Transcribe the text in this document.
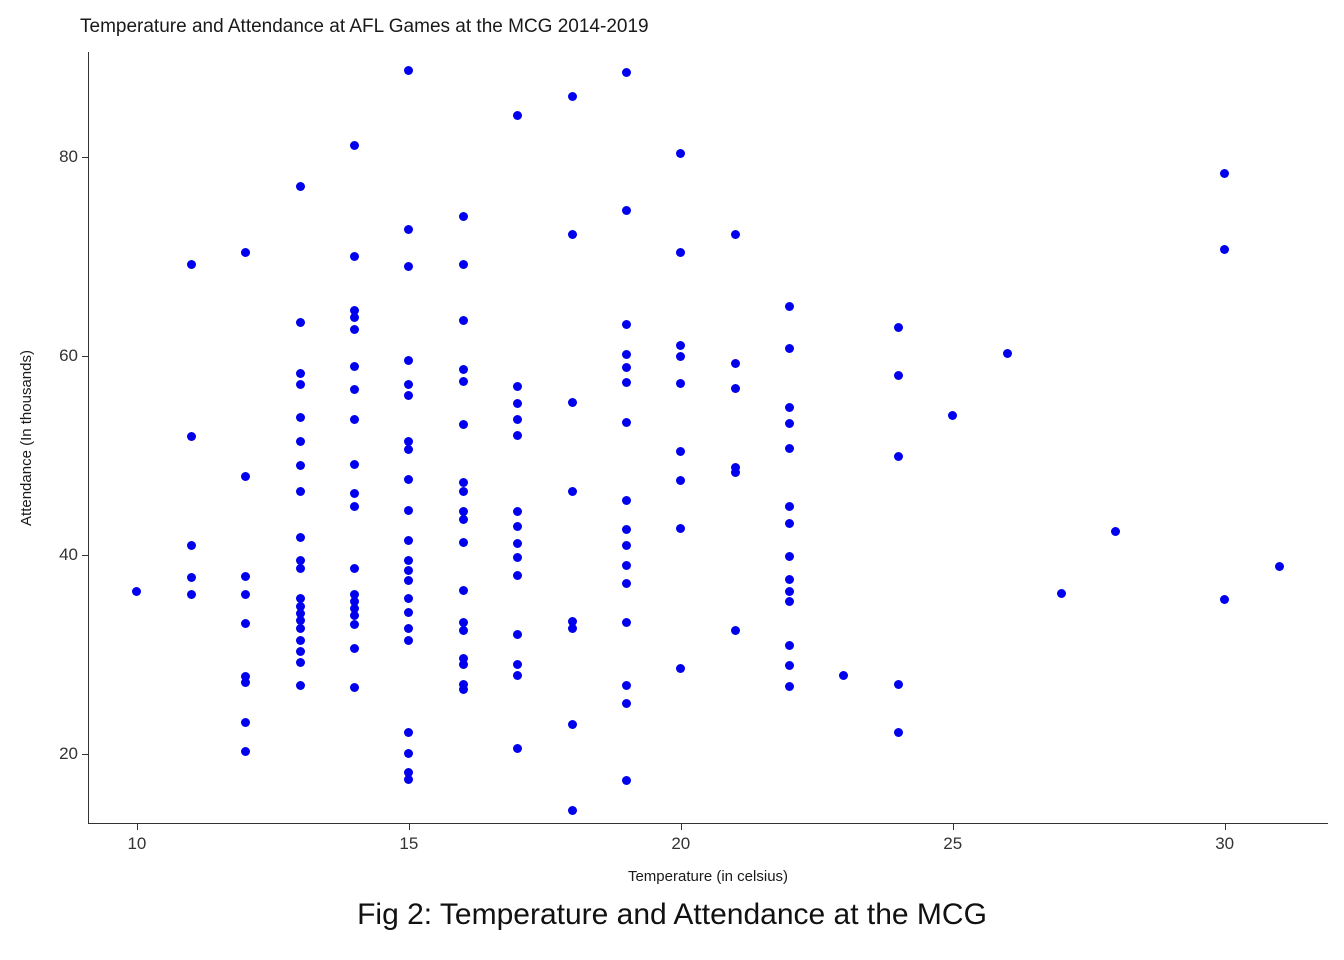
Temperature and Attendance at AFL Games at the MCG 2014-2019
Attendance (In thousands)
10	15	20	25	30
20
40
60
80
Temperature (in celsius)
Fig 2: Temperature and Attendance at the MCG
